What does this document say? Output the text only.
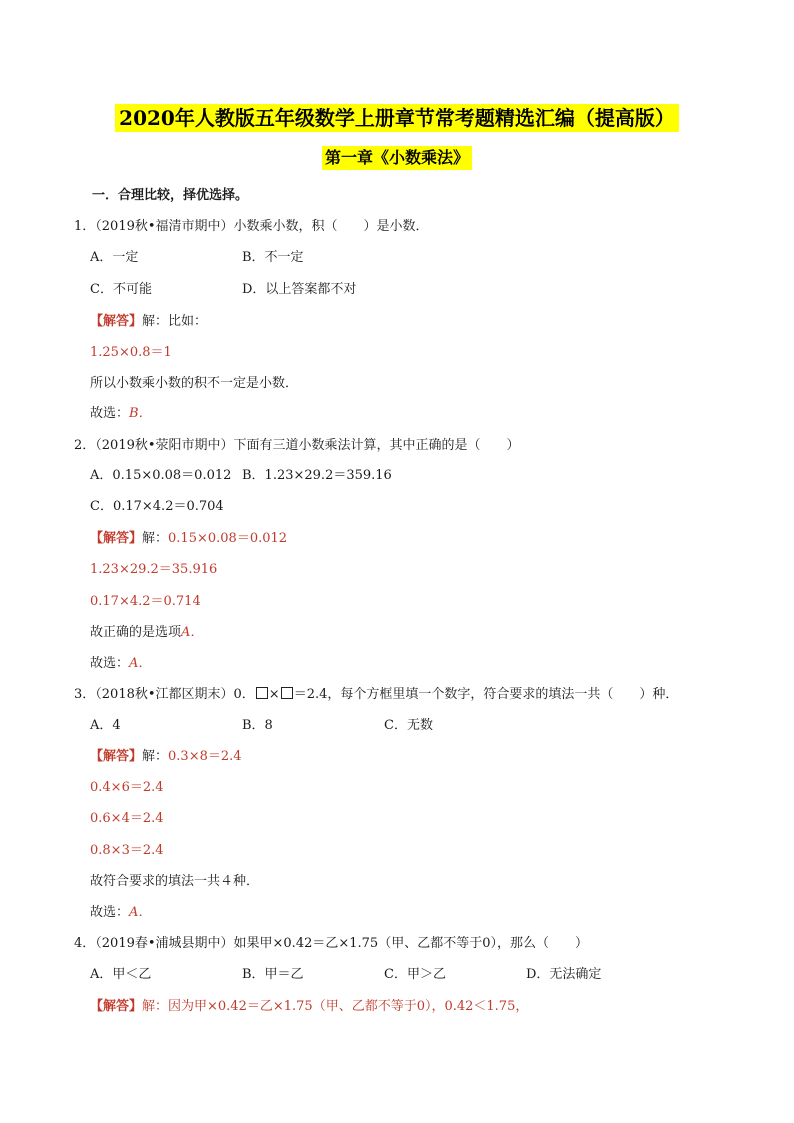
2020年人教版五年级数学上册章节常考题精选汇编（提高版）
第一章《小数乘法》
一．合理比较，择优选择。
1．（2019秋•福清市期中）小数乘小数，积（　　）是小数．
A．一定	B．不一定
C．不可能	D．以上答案都不对
【解答】解：比如：
1.25×0.8＝1
所以小数乘小数的积不一定是小数．
故选：B．
2．（2019秋•荥阳市期中）下面有三道小数乘法计算，其中正确的是（　　）
A．0.15×0.08＝0.012 B．1.23×29.2＝359.16
C．0.17×4.2＝0.704
【解答】解：0.15×0.08＝0.012
1.23×29.2＝35.916
0.17×4.2＝0.714
故正确的是选项A．
故选：A．
3．（2018秋•江都区期末）0． × ＝2.4，每个方框里填一个数字，符合要求的填法一共（　　）种．
A．4	B．8	C．无数
【解答】解：0.3×8＝2.4
0.4×6＝2.4
0.6×4＝2.4
0.8×3＝2.4
故符合要求的填法一共４种．
故选：A．
4．（2019春•浦城县期中）如果甲×0.42＝乙×1.75（甲、乙都不等于0），那么（　　）
A．甲＜乙	B．甲＝乙	C．甲＞乙	D．无法确定
【解答】解：因为甲×0.42＝乙×1.75（甲、乙都不等于0），0.42＜1.75，
